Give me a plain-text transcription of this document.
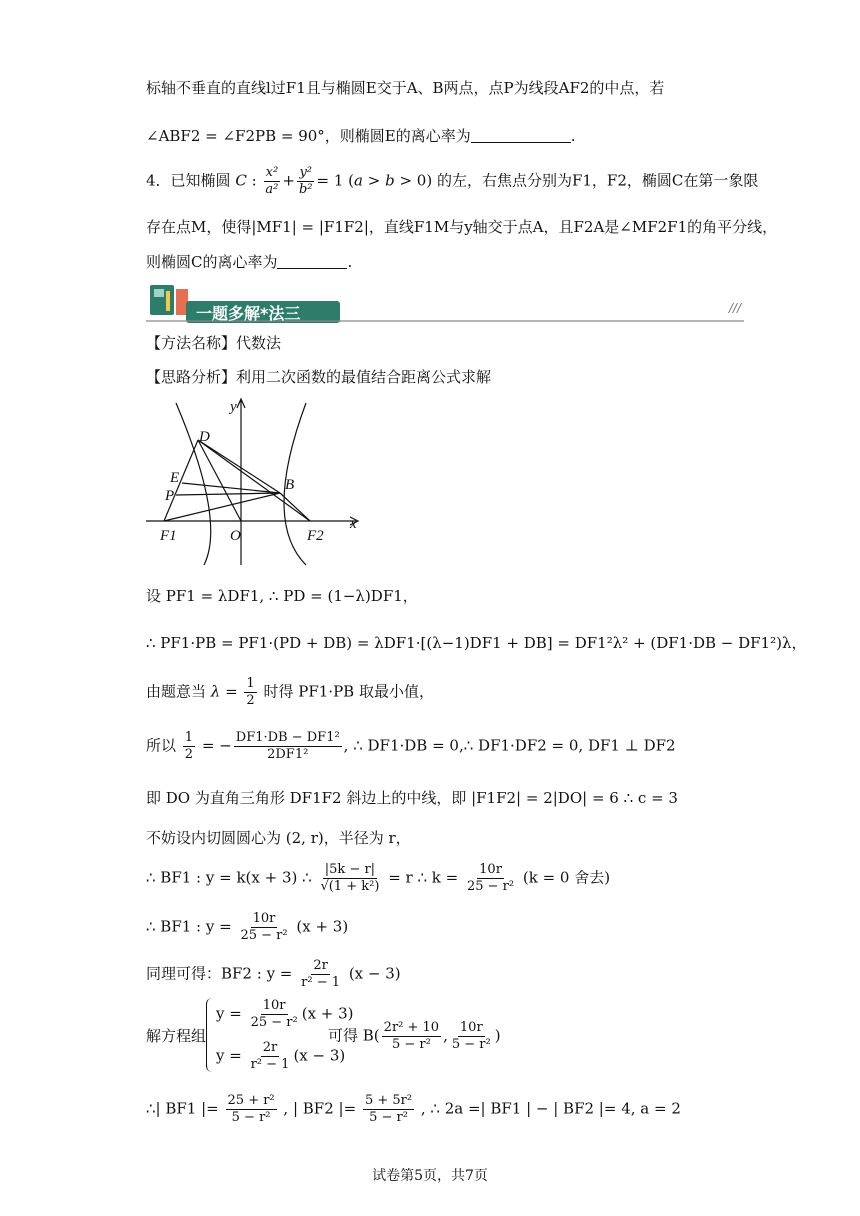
标轴不垂直的直线l过F1且与椭圆E交于A、B两点，点P为线段AF2的中点，若
∠ABF2 = ∠F2PB = 90°，则椭圆E的离心率为	.
4．已知椭圆 C : $\frac{\text{x²}}{\text{a²}} + \frac{\text{y²}}{\text{b²}} = 1$ (a > b > 0) 的左，右焦点分别为F1，F2，椭圆C在第一象限
存在点M，使得|MF1| = |F1F2|，直线F1M与y轴交于点A，且F2A是∠MF2F1的角平分线，
则椭圆C的离心率为	.
一题多解*法三	///
【方法名称】代数法
【思路分析】利用二次函数的最值结合距离公式求解
y
D
E
P
B
F1	O	F2
x
设 PF1 = λDF1, ∴ PD = (1−λ)DF1，
∴ PF1·PB = PF1·(PD + DB) = λDF1·[(λ−1)DF1 + DB] = DF1²λ² + (DF1·DB − DF1²)λ，
由题意当 $\lambda = \frac{1}{2}$ 时得 PF1·PB 取最小值，
所以 $\frac{1}{2}$ = − $\frac{\text{DF1·DB − DF1²}}{\text{2DF1²}}$ , ∴ DF1·DB = 0,∴ DF1·DF2 = 0, DF1 ⊥ DF2
即 DO 为直角三角形 DF1F2 斜边上的中线，即 |F1F2| = 2|DO| = 6 ∴ c = 3
不妨设内切圆圆心为 (2, r)，半径为 r，
∴ BF1 : y = k(x + 3) ∴ $\frac{|5k - r|}{\text{√(1 + k²)}} = r$ ∴ $k = \frac{10r}{\text{25 − r²}} (k = 0$ 舍去)
∴ BF1 : $y = \frac{10r}{\text{25 − r²}} (x + 3)$
同理可得：BF2 : $y = \frac{2r}{\text{r² − 1}} (x - 3)$
解方程组
$y = \frac{10r}{\text{25 − r²}} (x + 3)$
$y = \frac{2r}{\text{r² − 1}} (x - 3)$
可得 $B( \frac{\text{2r² + 10}}{\text{5 − r²}}$ , $\frac{10r}{\text{5 − r²}}$ )
∴| BF1 |= $\frac{\text{25 + r²}}{\text{5 − r²}}$ , | BF2 |= $\frac{\text{5 + 5r²}}{\text{5 − r²}}$ , ∴ 2a =| BF1 | − | BF2 |= 4, a = 2
试卷第5页，共7页
